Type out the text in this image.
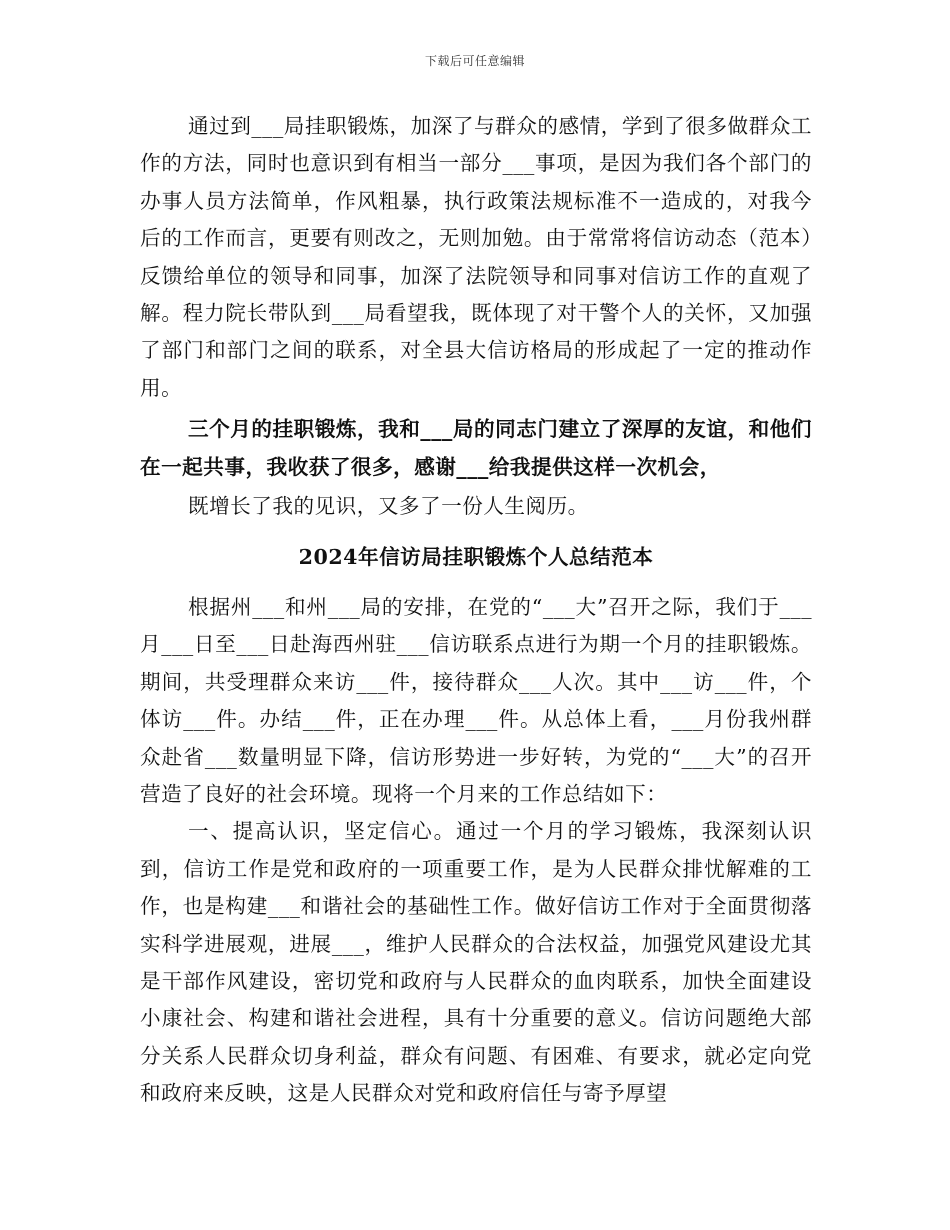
下载后可任意编辑

通过到___局挂职锻炼，加深了与群众的感情，学到了很多做群众工作的方法，同时也意识到有相当一部分___事项，是因为我们各个部门的办事人员方法简单，作风粗暴，执行政策法规标准不一造成的，对我今后的工作而言，更要有则改之，无则加勉。由于常常将信访动态（范本）反馈给单位的领导和同事，加深了法院领导和同事对信访工作的直观了解。程力院长带队到___局看望我，既体现了对干警个人的关怀，又加强了部门和部门之间的联系，对全县大信访格局的形成起了一定的推动作用。

三个月的挂职锻炼，我和___局的同志门建立了深厚的友谊，和他们在一起共事，我收获了很多，感谢___给我提供这样一次机会，

既增长了我的见识，又多了一份人生阅历。

2024年信访局挂职锻炼个人总结范本

根据州___和州___局的安排，在党的“___大”召开之际，我们于___月___日至___日赴海西州驻___信访联系点进行为期一个月的挂职锻炼。期间，共受理群众来访___件，接待群众___人次。其中___访___件，个体访___件。办结___件，正在办理___件。从总体上看，___月份我州群众赴省___数量明显下降，信访形势进一步好转，为党的“___大”的召开营造了良好的社会环境。现将一个月来的工作总结如下：

一、提高认识，坚定信心。通过一个月的学习锻炼，我深刻认识到，信访工作是党和政府的一项重要工作，是为人民群众排忧解难的工作，也是构建___和谐社会的基础性工作。做好信访工作对于全面贯彻落实科学进展观，进展___，维护人民群众的合法权益，加强党风建设尤其是干部作风建设，密切党和政府与人民群众的血肉联系，加快全面建设小康社会、构建和谐社会进程，具有十分重要的意义。信访问题绝大部分关系人民群众切身利益，群众有问题、有困难、有要求，就必定向党和政府来反映，这是人民群众对党和政府信任与寄予厚望
